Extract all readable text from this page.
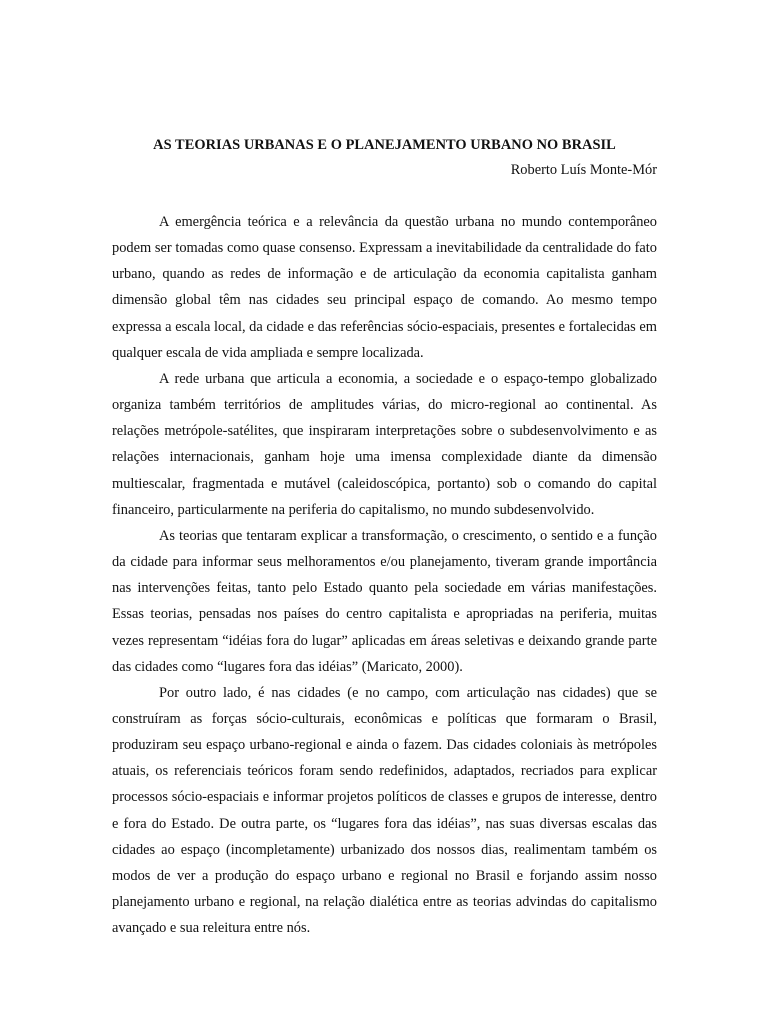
AS TEORIAS URBANAS E O PLANEJAMENTO URBANO NO BRASIL

Roberto Luís Monte-Mór

A emergência teórica e a relevância da questão urbana no mundo contemporâneo podem ser tomadas como quase consenso. Expressam a inevitabilidade da centralidade do fato urbano, quando as redes de informação e de articulação da economia capitalista ganham dimensão global têm nas cidades seu principal espaço de comando. Ao mesmo tempo expressa a escala local, da cidade e das referências sócio-espaciais, presentes e fortalecidas em qualquer escala de vida ampliada e sempre localizada.

A rede urbana que articula a economia, a sociedade e o espaço-tempo globalizado organiza também territórios de amplitudes várias, do micro-regional ao continental. As relações metrópole-satélites, que inspiraram interpretações sobre o subdesenvolvimento e as relações internacionais, ganham hoje uma imensa complexidade diante da dimensão multiescalar, fragmentada e mutável (caleidoscópica, portanto) sob o comando do capital financeiro, particularmente na periferia do capitalismo, no mundo subdesenvolvido.

As teorias que tentaram explicar a transformação, o crescimento, o sentido e a função da cidade para informar seus melhoramentos e/ou planejamento, tiveram grande importância nas intervenções feitas, tanto pelo Estado quanto pela sociedade em várias manifestações. Essas teorias, pensadas nos países do centro capitalista e apropriadas na periferia, muitas vezes representam “idéias fora do lugar” aplicadas em áreas seletivas e deixando grande parte das cidades como “lugares fora das idéias” (Maricato, 2000).

Por outro lado, é nas cidades (e no campo, com articulação nas cidades) que se construíram as forças sócio-culturais, econômicas e políticas que formaram o Brasil, produziram seu espaço urbano-regional e ainda o fazem. Das cidades coloniais às metrópoles atuais, os referenciais teóricos foram sendo redefinidos, adaptados, recriados para explicar processos sócio-espaciais e informar projetos políticos de classes e grupos de interesse, dentro e fora do Estado. De outra parte, os “lugares fora das idéias”, nas suas diversas escalas das cidades ao espaço (incompletamente) urbanizado dos nossos dias, realimentam também os modos de ver a produção do espaço urbano e regional no Brasil e forjando assim nosso planejamento urbano e regional, na relação dialética entre as teorias advindas do capitalismo avançado e sua releitura entre nós.
